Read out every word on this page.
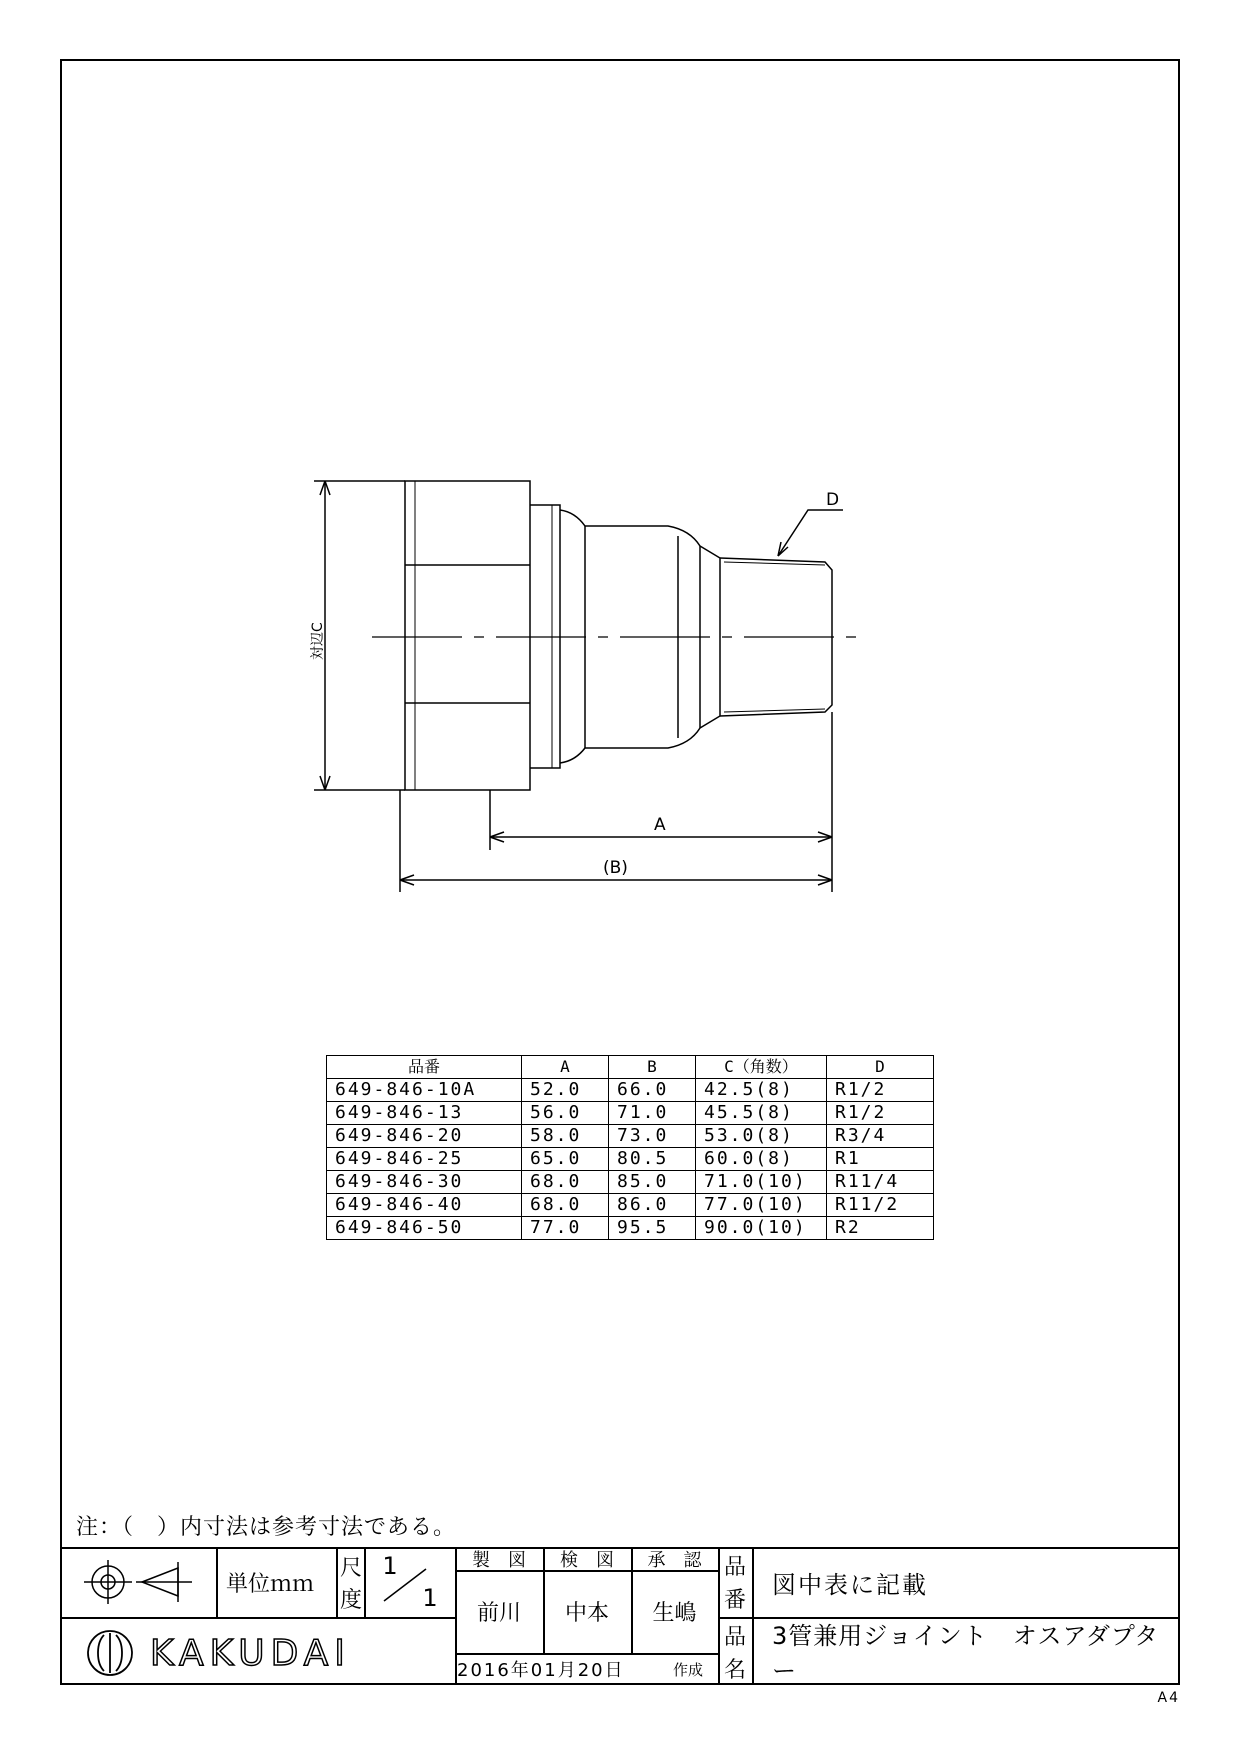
D
A
(B)
対辺C
品番	A	B	C（角数）	D
649-846-10A	52.0	66.0	42.5(8)	R1/2
649-846-13	56.0	71.0	45.5(8)	R1/2
649-846-20	58.0	73.0	53.0(8)	R3/4
649-846-25	65.0	80.5	60.0(8)	R1
649-846-30	68.0	85.0	71.0(10)	R11/4
649-846-40	68.0	86.0	77.0(10)	R11/2
649-846-50	77.0	95.5	90.0(10)	R2
注：（　）内寸法は参考寸法である。
単位ｍｍ
尺
度
1
1
製　図	検　図	承　認
前川	中本	生嶋
2016年01月20日	作成
品
番
品
名
図中表に記載
3管兼用ジョイント　オスアダプター
KAKUDAI
A4
